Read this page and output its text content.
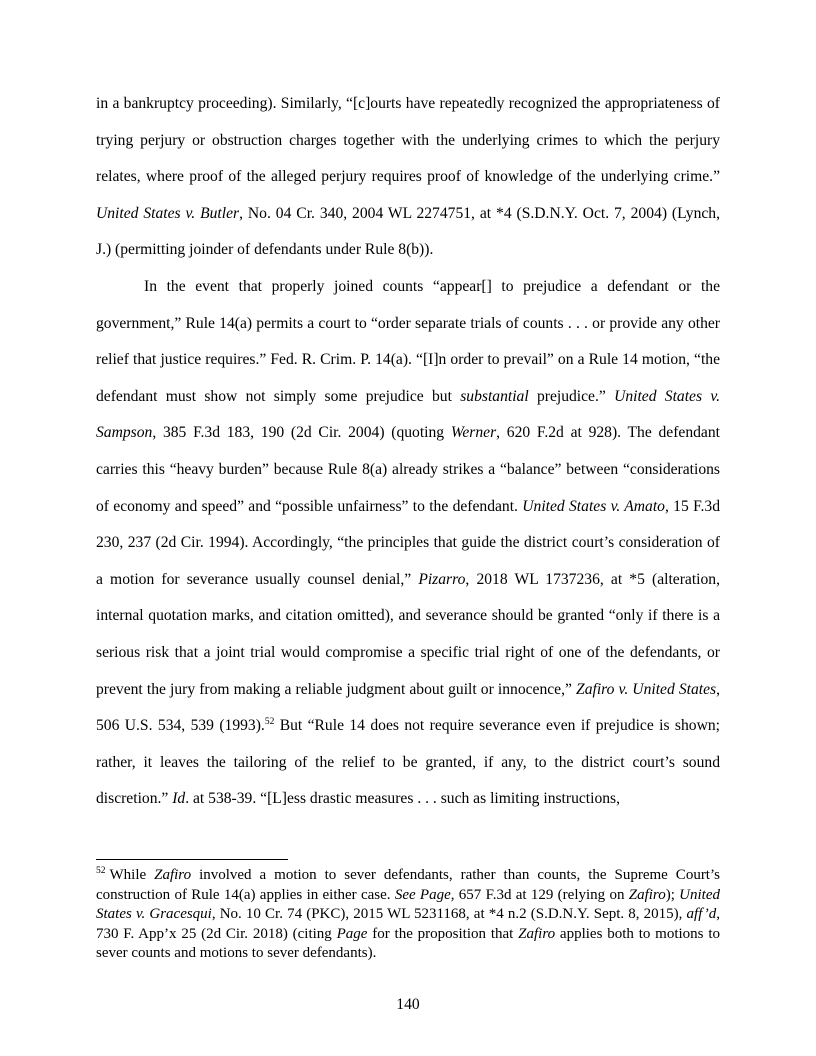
in a bankruptcy proceeding). Similarly, “[c]ourts have repeatedly recognized the appropriateness of trying perjury or obstruction charges together with the underlying crimes to which the perjury relates, where proof of the alleged perjury requires proof of knowledge of the underlying crime.” United States v. Butler, No. 04 Cr. 340, 2004 WL 2274751, at *4 (S.D.N.Y. Oct. 7, 2004) (Lynch, J.) (permitting joinder of defendants under Rule 8(b)).

In the event that properly joined counts “appear[] to prejudice a defendant or the government,” Rule 14(a) permits a court to “order separate trials of counts . . . or provide any other relief that justice requires.” Fed. R. Crim. P. 14(a). “[I]n order to prevail” on a Rule 14 motion, “the defendant must show not simply some prejudice but substantial prejudice.” United States v. Sampson, 385 F.3d 183, 190 (2d Cir. 2004) (quoting Werner, 620 F.2d at 928). The defendant carries this “heavy burden” because Rule 8(a) already strikes a “balance” between “considerations of economy and speed” and “possible unfairness” to the defendant. United States v. Amato, 15 F.3d 230, 237 (2d Cir. 1994). Accordingly, “the principles that guide the district court’s consideration of a motion for severance usually counsel denial,” Pizarro, 2018 WL 1737236, at *5 (alteration, internal quotation marks, and citation omitted), and severance should be granted “only if there is a serious risk that a joint trial would compromise a specific trial right of one of the defendants, or prevent the jury from making a reliable judgment about guilt or innocence,” Zafiro v. United States, 506 U.S. 534, 539 (1993).$^{52}$ But “Rule 14 does not require severance even if prejudice is shown; rather, it leaves the tailoring of the relief to be granted, if any, to the district court’s sound discretion.” Id. at 538-39. “[L]ess drastic measures . . . such as limiting instructions,

$^{52}$ While Zafiro involved a motion to sever defendants, rather than counts, the Supreme Court’s construction of Rule 14(a) applies in either case. See Page, 657 F.3d at 129 (relying on Zafiro); United States v. Gracesqui, No. 10 Cr. 74 (PKC), 2015 WL 5231168, at *4 n.2 (S.D.N.Y. Sept. 8, 2015), aff’d, 730 F. App’x 25 (2d Cir. 2018) (citing Page for the proposition that Zafiro applies both to motions to sever counts and motions to sever defendants).

140
